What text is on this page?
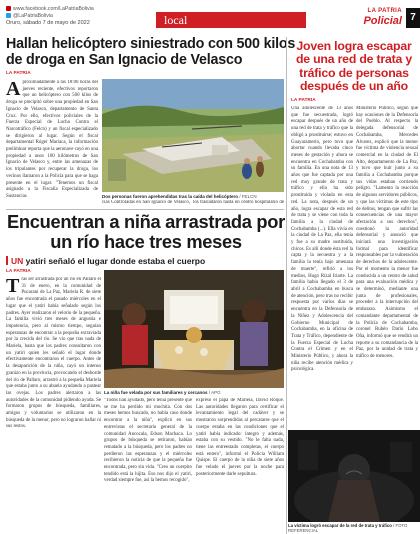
www.facebook.com/LaPatriaBolivia
@LaPatriaBolivia
Oruro, sábado 7 de mayo de 2022	local
LA PATRIA
Policial 7
Hallan helicóptero siniestrado con 500 kilos de droga en San Ignacio de Velasco
LA PATRIA
Aproximadamente a las 18:00 horas del jueves reciente, efectivos reportaron que un helicóptero con 500 kilos de droga se precipitó sobre una propiedad en San Ignacio de Velasco, departamento de Santa Cruz. Por ello, efectivos policiales de la Fuerza Especial de Lucha Contra el Narcotráfico (Felcn) y un fiscal especializado se dirigieron al lugar. Según el fiscal departamental Róger Mariaca, la información preliminar reporta que la aeronave cayó en una propiedad a unos 100 kilómetros de San Ignacio de Velasco y, entre las amenazas de los tripulantes por recuperar la droga, los vecinos llamaron a la Policía para que se haga presente en el lugar. "Tenemos un fiscal asignado a la Fiscalía Especializada de Sustancias	Dos personas fueron aprehendidas tras la caída del helicóptero / FELCN
cias Controladas en San Ignacio de Velasco, los trasladaron hasta un centro hospitalario de
Encuentran a niña arrastrada por un río hace tres meses
UN yatiri señaló el lugar donde estaba el cuerpo
LA PATRIA
Tras ser arrastrada por un río en Pallaro el 31 de enero, en la comunidad de Pucarani de La Paz, Mariela R. de siete años fue encontrada el pasado miércoles en el lugar que el yatiri había señalado según los padres. Ayer realizaron el velorio de la pequeña. La familia vivió tres meses de angustia e impotencia, pero al mismo tiempo, seguían esperanzas de encontrar a la pequeña extraviada por la crecida del río. Se vio que tras nada de Mariela, hasta que los padres consultaron con un yatiri quien les señaló el lugar donde efectivamente encontraron el cuerpo. Antes de la desaparición de la niña, cayó un intenso granizo en la provincia, provocando el desborde del río de Pallaro, arrastró a la pequeña Mariela que estaba junto a su abuela ayudando a pastear las ovejas. Los padres alertaron a las autoridades de la comunidad pidiendo ayuda. Se formaron grupos de búsqueda, familiares, amigos y voluntarios se utilizaron en la búsqueda de la menor, pero no lograron hallar ni sus restos.
La niña fue velada por sus familiares y cercanos / APG
"Todos han ayudado, pero tenía presente que se me ha perdido mi mochita. Con dos meses hemos buscado, no había caso donde encontrar a la niña", explicó en sus entrevistas el secretario general de la comunidad Ancocala, Edson Machaca. Lo grupos de búsqueda se retiraron, habían rematado a la búsqueda, pero los padres no perdieron las esperanzas y el miércoles recibieron la noticia de que la pequeña fue encontrada, pero sin vida. "Creo un cuerpito tendido está la hijita. Eso nos dijo el yatiri, verdad siempre fue, así la hemos recogido",
expresó el papá de Mariela, David Roque. Las autoridades llegaron para certificar el levantamiento legal del cadáver y se mostraron sorprendidas al percatarse que el cuerpo estaba en las condiciones que el yatiri había indicado: íntegro y además, estaba con su vestido. "No le falta nada, tiene las entreestado completas, el cuerpo está entero", informó el Policía William Quispe. El cuerpo de la niña de siete años fue velado el jueves por la noche para posteriormente darle sepultura.
Joven logra escapar de una red de trata y tráfico de personas después de un año
LA PATRIA
Una adolescente de 13 años que fue secuestrada, logró escapar después de un año de una red de trata y tráfico que la obligó a prostituirse; estuvo en Guayaramerín, pero tuvo que abortar cuando llevaba cinco meses de gestación y ahora se encuentra en Cochabamba con su familia. En una nota de 13 años que fue captada por una red muy grande de trata y tráfico y ella ha sido prostituida y violada en esta red. La nota, después de un año, logra escapar de esta red de trata y se viene con toda la familia a la ciudad de Cochabamba (...). Ella vivía en la ciudad de La Paz, ella tenía y fue a su madre sustituida, chicos. Es allí donde ésta red la capta y la secuestra y a la familia la tenía bajo amenaza de muerte", refirió a los medios, Hugo Rizal Iriarte. La familia había llegado el 3 de abril a Cochabamba en busca de atención, pero tras no recibir respuesta por varios días se encuentra en la Defensoría de la Niñez y Adolescencia del Gobierno Municipal de Cochabamba, en la oficina de Trata y Tráfico, dependiente de la Fuerza Especial de Lucha Contra el Crimen y en el Ministerio Público, y ahora la niña recibe atención médica y psicológica.
Ministerio Público, según que hay ocasiones de la Defensoría del Pueblo. Al respecto la delegada defensorial de Cochabamba, Mercedes Alvarez, explicó que la menor fue víctima de violencia sexual comercial en la ciudad de El Alto, departamento de La Paz, y tuvo que huir junto a su familia a Cochabamba porque sus vidas estaban corriendo peligro. "Lamento la reacción de algunos servidores públicos, y que las víctimas de este tipo de delitos, tengan que sufrir las consecuencias de una mayor afectación a sus derechos", cuestionó la autoridad defensorial y anunció que iniciará una investigación formal para identificar responsables por la vulneración de derechos de la adolescente. Por el momento la menor fue conducida a un centro de salud para una evaluación médica y se determinó, mediante una junta de profesionales, proceder a la interrupción del embarazo. Asimismo el comandante departamental de la Policía de Cochabamba, coronel Rubén Darío Lobo Oña, informó que se rendirá un reporte a su comandancia de la Paz, por la unidad de trata y tráfico de menores.
La víctima logró escapar de la red de trata y tráfico / FOTO REFERENCIAL
